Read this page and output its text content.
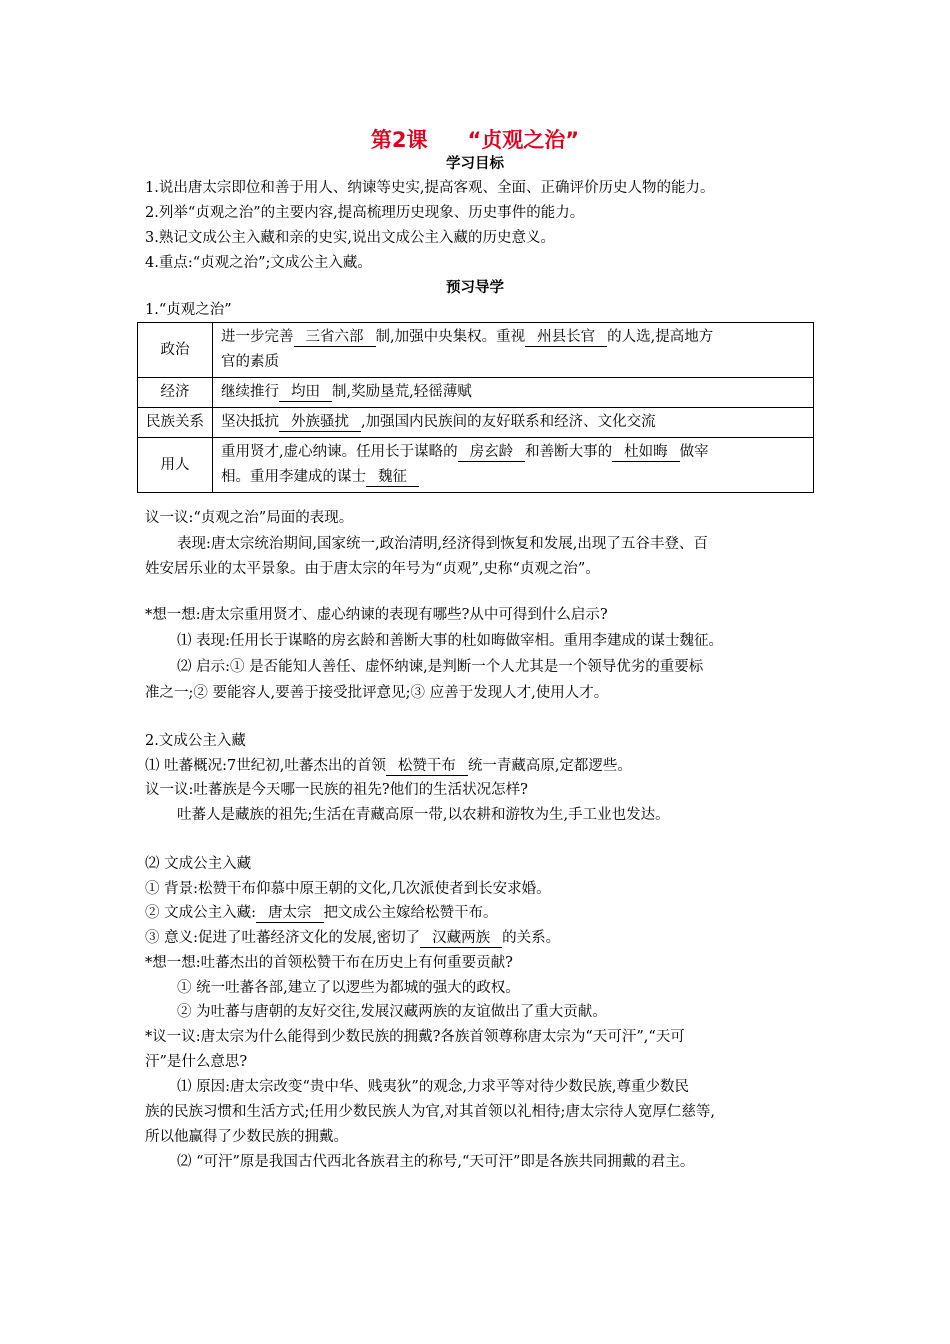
第2课 “贞观之治”
学习目标
1.说出唐太宗即位和善于用人、纳谏等史实,提高客观、全面、正确评价历史人物的能力。
2.列举“贞观之治”的主要内容,提高梳理历史现象、历史事件的能力。
3.熟记文成公主入藏和亲的史实,说出文成公主入藏的历史意义。
4.重点:“贞观之治”;文成公主入藏。
预习导学
1.“贞观之治”
政治	进一步完善 三省六部 制,加强中央集权。重视 州县长官 的人选,提高地方
官的素质
经济	继续推行 均田 制,奖励垦荒,轻徭薄赋
民族关系	坚决抵抗 外族骚扰 ,加强国内民族间的友好联系和经济、文化交流
用人	重用贤才,虚心纳谏。任用长于谋略的 房玄龄 和善断大事的 杜如晦 做宰
相。重用李建成的谋士 魏征
议一议:“贞观之治”局面的表现。
表现:唐太宗统治期间,国家统一,政治清明,经济得到恢复和发展,出现了五谷丰登、百
姓安居乐业的太平景象。由于唐太宗的年号为“贞观”,史称“贞观之治”。
*想一想:唐太宗重用贤才、虚心纳谏的表现有哪些?从中可得到什么启示?
⑴ 表现:任用长于谋略的房玄龄和善断大事的杜如晦做宰相。重用李建成的谋士魏征。
⑵ 启示:① 是否能知人善任、虚怀纳谏,是判断一个人尤其是一个领导优劣的重要标
准之一;② 要能容人,要善于接受批评意见;③ 应善于发现人才,使用人才。
2.文成公主入藏
⑴ 吐蕃概况:7世纪初,吐蕃杰出的首领 松赞干布 统一青藏高原,定都逻些。
议一议:吐蕃族是今天哪一民族的祖先?他们的生活状况怎样?
吐蕃人是藏族的祖先;生活在青藏高原一带,以农耕和游牧为生,手工业也发达。
⑵ 文成公主入藏
① 背景:松赞干布仰慕中原王朝的文化,几次派使者到长安求婚。
② 文成公主入藏: 唐太宗 把文成公主嫁给松赞干布。
③ 意义:促进了吐蕃经济文化的发展,密切了 汉藏两族 的关系。
*想一想:吐蕃杰出的首领松赞干布在历史上有何重要贡献?
① 统一吐蕃各部,建立了以逻些为都城的强大的政权。
② 为吐蕃与唐朝的友好交往,发展汉藏两族的友谊做出了重大贡献。
*议一议:唐太宗为什么能得到少数民族的拥戴?各族首领尊称唐太宗为“天可汗”,“天可
汗”是什么意思?
⑴ 原因:唐太宗改变“贵中华、贱夷狄”的观念,力求平等对待少数民族,尊重少数民
族的民族习惯和生活方式;任用少数民族人为官,对其首领以礼相待;唐太宗待人宽厚仁慈等,
所以他赢得了少数民族的拥戴。
⑵ “可汗”原是我国古代西北各族君主的称号,“天可汗”即是各族共同拥戴的君主。
